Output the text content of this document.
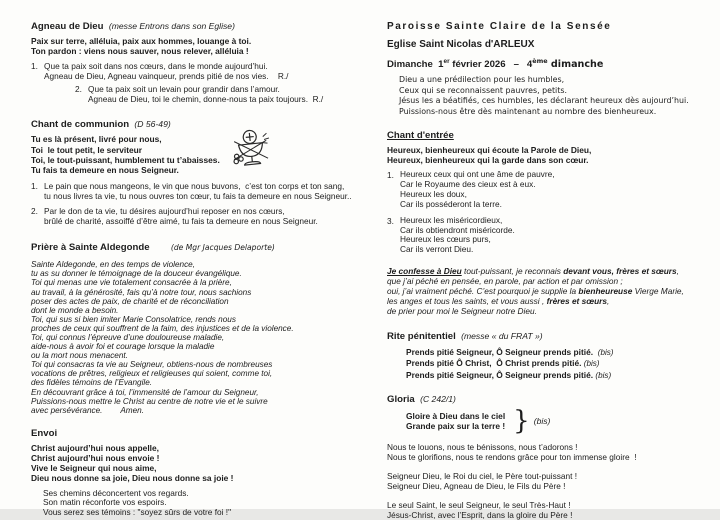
Agneau de Dieu (messe Entrons dans son Eglise)
Paix sur terre, alléluia, paix aux hommes, louange à toi.
Ton pardon : viens nous sauver, nous relever, alléluia !
1. Que ta paix soit dans nos cœurs, dans le monde aujourd’hui.
Agneau de Dieu, Agneau vainqueur, prends pitié de nos vies.    R./
2. Que ta paix soit un levain pour grandir dans l’amour.
Agneau de Dieu, toi le chemin, donne-nous ta paix toujours.  R./
Chant de communion (D 56-49)
Tu es là présent, livré pour nous,
Toi  le tout petit, le serviteur
Toi, le tout-puissant, humblement tu t’abaisses.
Tu fais ta demeure en nous Seigneur.
1. Le pain que nous mangeons, le vin que nous buvons,  c’est ton corps et ton sang,
tu nous livres ta vie, tu nous ouvres ton cœur, tu fais ta demeure en nous Seigneur..
2. Par le don de ta vie, tu désires aujourd’hui reposer en nos cœurs,
brûlé de charité, assoiffé d’être aimé, tu fais ta demeure en nous Seigneur.
Prière à Sainte Aldegonde	(de Mgr Jacques Delaporte)
Sainte Aldegonde, en des temps de violence,
tu as su donner le témoignage de la douceur évangélique.
Toi qui menas une vie totalement consacrée à la prière,
au travail, à la générosité, fais qu’à notre tour, nous sachions
poser des actes de paix, de charité et de réconciliation
dont le monde a besoin.
Toi, qui sus si bien imiter Marie Consolatrice, rends nous
proches de ceux qui souffrent de la faim, des injustices et de la violence.
Toi, qui connus l’épreuve d’une douloureuse maladie,
aide-nous à avoir foi et courage lorsque la maladie
ou la mort nous menacent.
Toi qui consacras ta vie au Seigneur, obtiens-nous de nombreuses
vocations de prêtres, religieux et religieuses qui soient, comme toi,
des fidèles témoins de l’Evangile.
En découvrant grâce à toi, l’immensité de l’amour du Seigneur,
Puissions-nous mettre le Christ au centre de notre vie et le suivre
avec persévérance.        Amen.
Envoi
Christ aujourd’hui nous appelle,
Christ aujourd’hui nous envoie !
Vive le Seigneur qui nous aime,
Dieu nous donne sa joie, Dieu nous donne sa joie !
Ses chemins déconcertent vos regards.
Son matin réconforte vos espoirs.
Vous serez ses témoins : "soyez sûrs de votre foi !"
Paroisse Sainte Claire de la Sensée
Eglise Saint Nicolas d'ARLEUX
Dimanche  1er février 2026   –   4ème dimanche
Dieu a une prédilection pour les humbles,
Ceux qui se reconnaissent pauvres, petits.
Jésus les a béatifiés, ces humbles, les déclarant heureux dès aujourd’hui.
Puissions-nous être dès maintenant au nombre des bienheureux.
Chant d'entrée
Heureux, bienheureux qui écoute la Parole de Dieu,
Heureux, bienheureux qui la garde dans son cœur.
1. Heureux ceux qui ont une âme de pauvre,
Car le Royaume des cieux est à eux.
Heureux les doux,
Car ils posséderont la terre.
3. Heureux les miséricordieux,
Car ils obtiendront miséricorde.
Heureux les cœurs purs,
Car ils verront Dieu.
Je confesse à Dieu tout-puissant, je reconnais devant vous, frères et sœurs,
que j’ai péché en pensée, en parole, par action et par omission ;
oui, j’ai vraiment péché. C’est pourquoi je supplie la bienheureuse Vierge Marie,
les anges et tous les saints, et vous aussi , frères et sœurs,
de prier pour moi le Seigneur notre Dieu.
Rite pénitentiel (messe « du FRAT »)
Prends pitié Seigneur, Ô Seigneur prends pitié.  (bis)
Prends pitié Ô Christ,  Ô Christ prends pitié. (bis)
Prends pitié Seigneur, Ô Seigneur prends pitié. (bis)
Gloria (C 242/1)
Gloire à Dieu dans le ciel
Grande paix sur la terre ! } (bis)
Nous te louons, nous te bénissons, nous t’adorons !
Nous te glorifions, nous te rendons grâce pour ton immense gloire  !
Seigneur Dieu, le Roi du ciel, le Père tout-puissant !
Seigneur Dieu, Agneau de Dieu, le Fils du Père !
Le seul Saint, le seul Seigneur, le seul Très-Haut !
Jésus-Christ, avec l’Esprit, dans la gloire du Père !
